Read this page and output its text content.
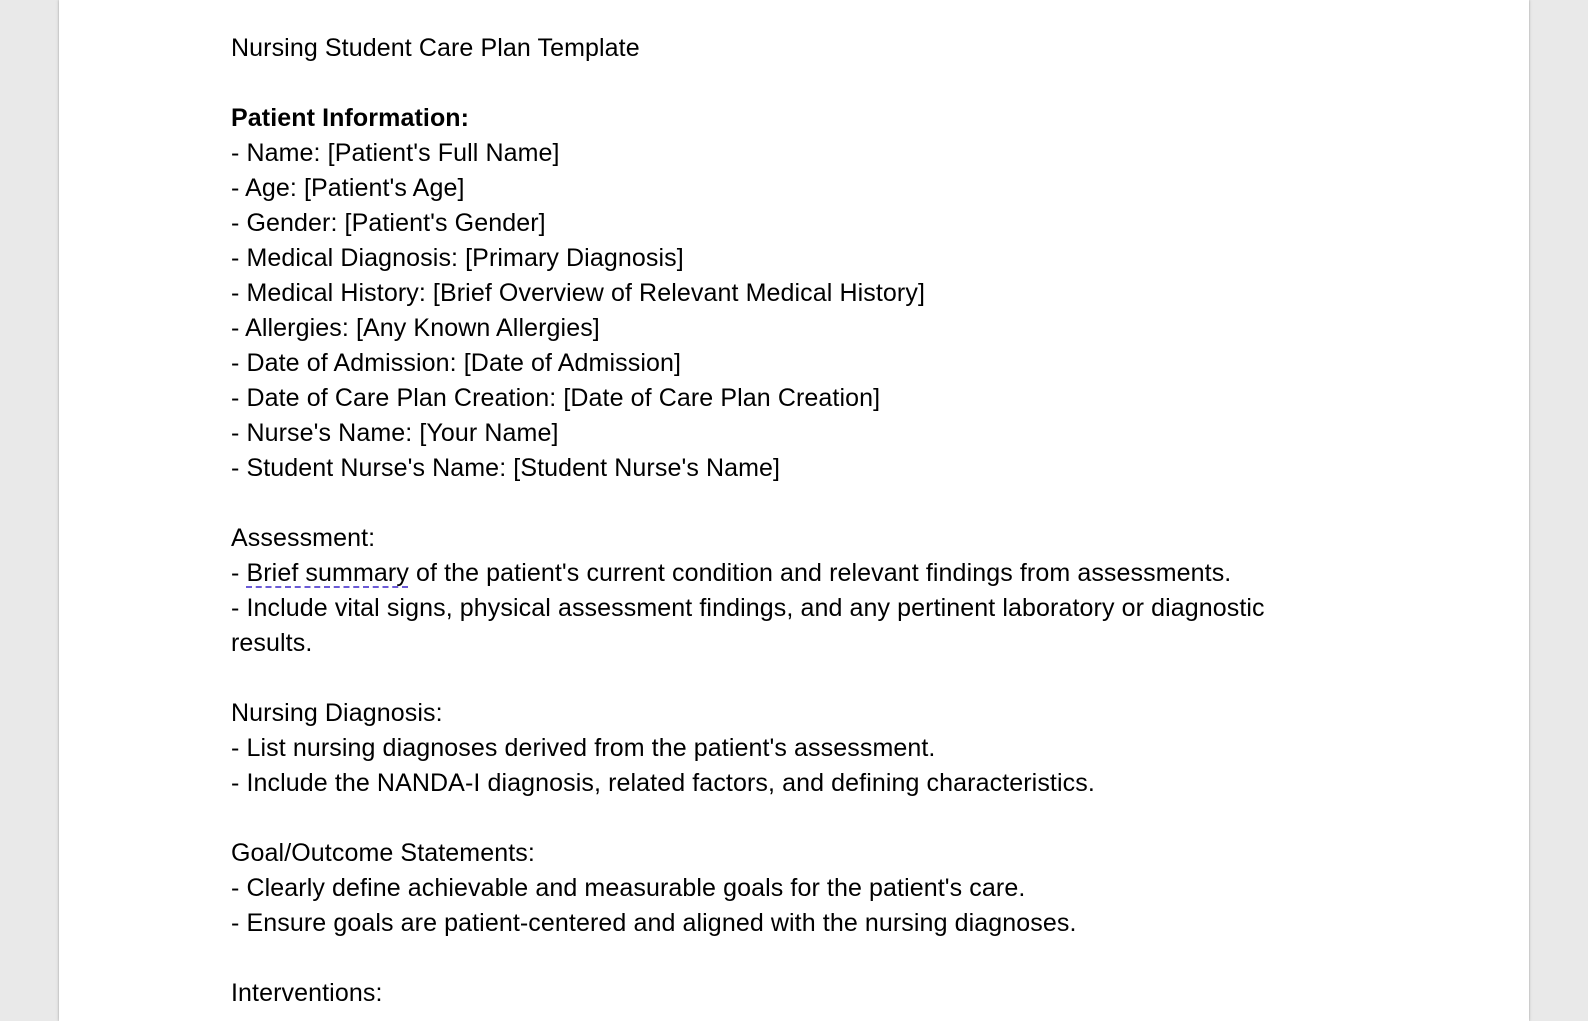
Nursing Student Care Plan Template
Patient Information:
- Name: [Patient's Full Name]
- Age: [Patient's Age]
- Gender: [Patient's Gender]
- Medical Diagnosis: [Primary Diagnosis]
- Medical History: [Brief Overview of Relevant Medical History]
- Allergies: [Any Known Allergies]
- Date of Admission: [Date of Admission]
- Date of Care Plan Creation: [Date of Care Plan Creation]
- Nurse's Name: [Your Name]
- Student Nurse's Name: [Student Nurse's Name]
Assessment:
- Brief summary of the patient's current condition and relevant findings from assessments.
- Include vital signs, physical assessment findings, and any pertinent laboratory or diagnostic results.
Nursing Diagnosis:
- List nursing diagnoses derived from the patient's assessment.
- Include the NANDA-I diagnosis, related factors, and defining characteristics.
Goal/Outcome Statements:
- Clearly define achievable and measurable goals for the patient's care.
- Ensure goals are patient-centered and aligned with the nursing diagnoses.
Interventions:
